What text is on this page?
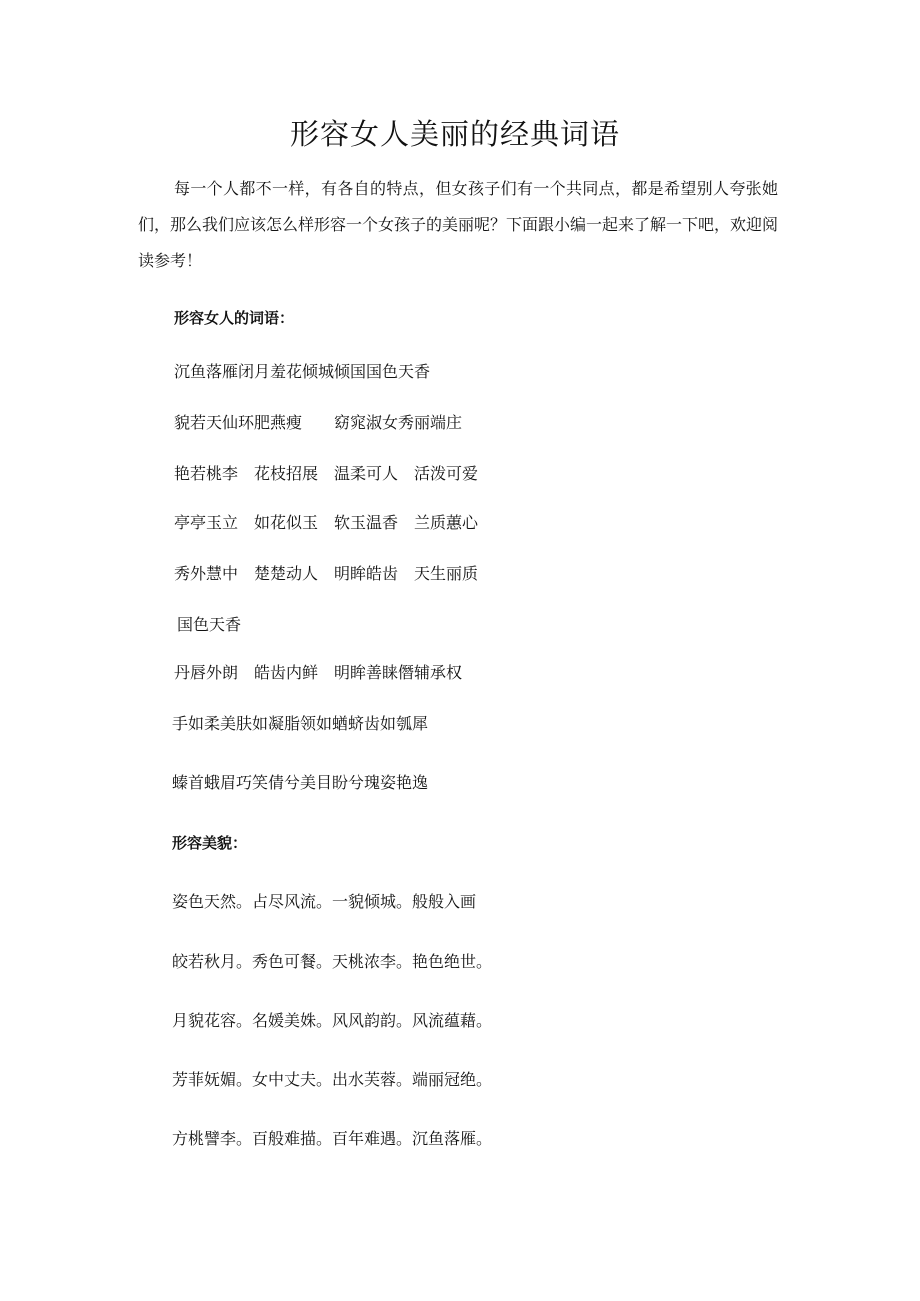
形容女人美丽的经典词语

每一个人都不一样，有各自的特点，但女孩子们有一个共同点，都是希望别人夸张她们，那么我们应该怎么样形容一个女孩子的美丽呢？下面跟小编一起来了解一下吧，欢迎阅读参考！

形容女人的词语：

沉鱼落雁闭月羞花倾城倾国国色天香

貌若天仙环肥燕瘦　　窈窕淑女秀丽端庄

艳若桃李　花枝招展　温柔可人　活泼可爱

亭亭玉立　如花似玉　软玉温香　兰质蕙心

秀外慧中　楚楚动人　明眸皓齿　天生丽质

国色天香

丹唇外朗　皓齿内鲜　明眸善睐僭辅承权

手如柔美肤如凝脂领如蝤蛴齿如瓠犀

螓首蛾眉巧笑倩兮美目盼兮瑰姿艳逸

形容美貌：

姿色天然。占尽风流。一貌倾城。般般入画

皎若秋月。秀色可餐。天桃浓李。艳色绝世。

月貌花容。名媛美姝。风风韵韵。风流蕴藉。

芳菲妩媚。女中丈夫。出水芙蓉。端丽冠绝。

方桃譬李。百般难描。百年难遇。沉鱼落雁。
